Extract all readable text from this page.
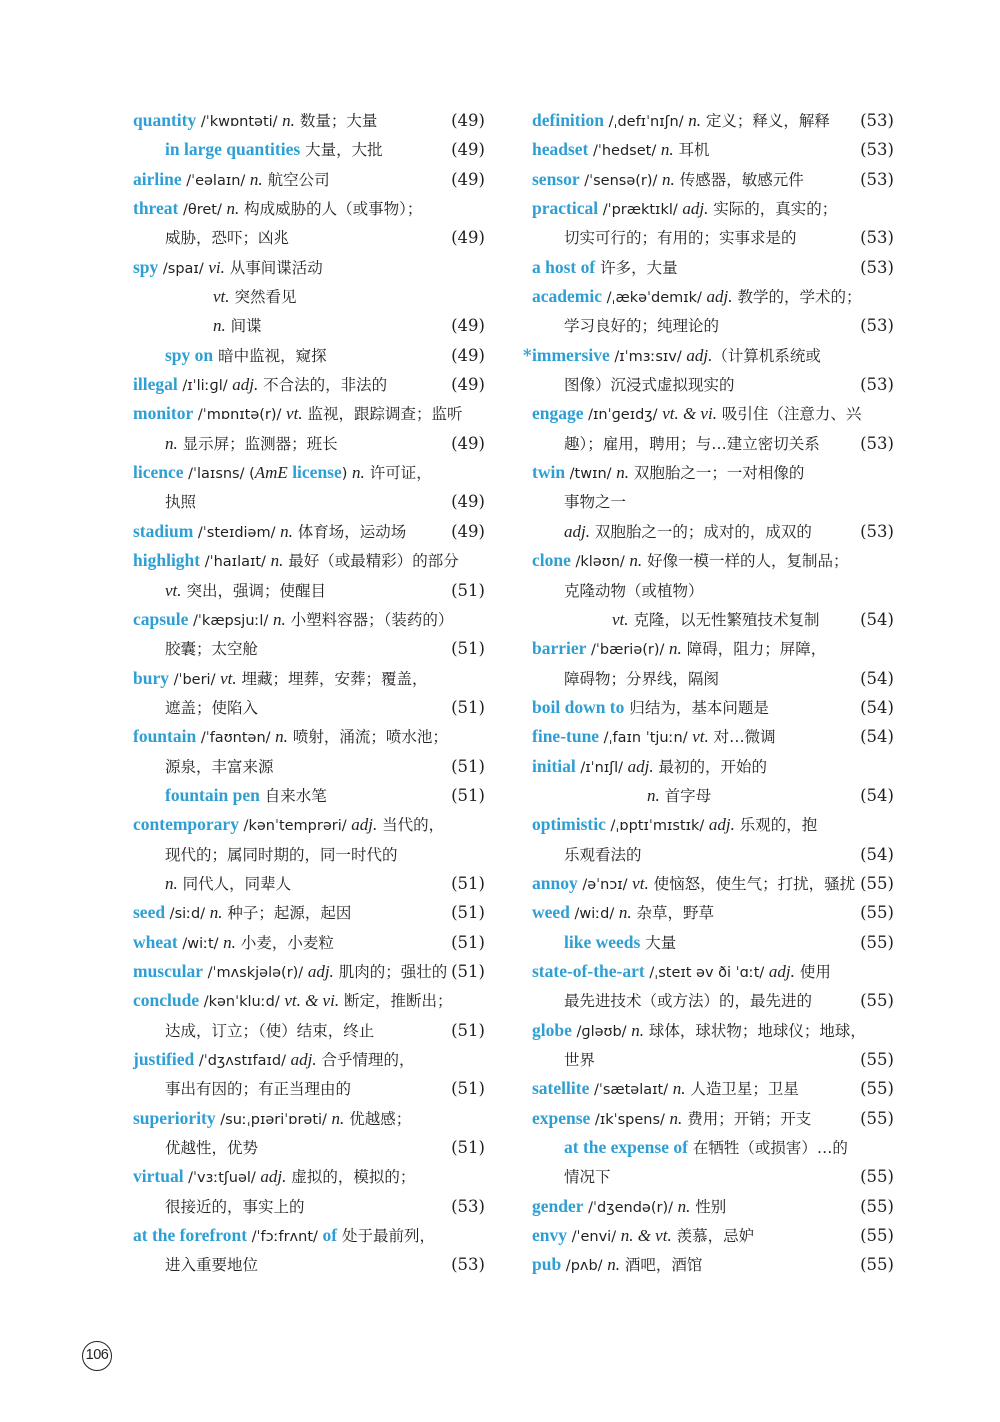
quantity /ˈkwɒntəti/ n. 数量；大量	(49)
in large quantities 大量，大批	(49)
airline /ˈeəlaɪn/ n. 航空公司	(49)
threat /θret/ n. 构成威胁的人（或事物）；
威胁，恐吓；凶兆	(49)
spy /spaɪ/ vi. 从事间谍活动
vt. 突然看见
n. 间谍	(49)
spy on 暗中监视，窥探	(49)
illegal /ɪˈliːɡl/ adj. 不合法的，非法的	(49)
monitor /ˈmɒnɪtə(r)/ vt. 监视，跟踪调查；监听
n. 显示屏；监测器；班长	(49)
licence /ˈlaɪsns/ (AmE license) n. 许可证，
执照	(49)
stadium /ˈsteɪdiəm/ n. 体育场，运动场	(49)
highlight /ˈhaɪlaɪt/ n. 最好（或最精彩）的部分
vt. 突出，强调；使醒目	(51)
capsule /ˈkæpsjuːl/ n. 小塑料容器；（装药的）
胶囊；太空舱	(51)
bury /ˈberi/ vt. 埋藏；埋葬，安葬；覆盖，
遮盖；使陷入	(51)
fountain /ˈfaʊntən/ n. 喷射，涌流；喷水池；
源泉，丰富来源	(51)
fountain pen 自来水笔	(51)
contemporary /kənˈtemprəri/ adj. 当代的，
现代的；属同时期的，同一时代的
n. 同代人，同辈人	(51)
seed /siːd/ n. 种子；起源，起因	(51)
wheat /wiːt/ n. 小麦，小麦粒	(51)
muscular /ˈmʌskjələ(r)/ adj. 肌肉的；强壮的 (51)
conclude /kənˈkluːd/ vt. & vi. 断定，推断出；
达成，订立；（使）结束，终止	(51)
justified /ˈdʒʌstɪfaɪd/ adj. 合乎情理的，
事出有因的；有正当理由的	(51)
superiority /suːˌpɪəriˈɒrəti/ n. 优越感；
优越性，优势	(51)
virtual /ˈvɜːtʃuəl/ adj. 虚拟的，模拟的；
很接近的，事实上的	(53)
at the forefront /ˈfɔːfrʌnt/ of 处于最前列，
进入重要地位	(53)
definition /ˌdefɪˈnɪʃn/ n. 定义；释义，解释 (53)
headset /ˈhedset/ n. 耳机	(53)
sensor /ˈsensə(r)/ n. 传感器，敏感元件	(53)
practical /ˈpræktɪkl/ adj. 实际的，真实的；
切实可行的；有用的；实事求是的	(53)
a host of 许多，大量	(53)
academic /ˌækəˈdemɪk/ adj. 教学的，学术的；
学习良好的；纯理论的	(53)
* immersive /ɪˈmɜːsɪv/ adj.（计算机系统或
图像）沉浸式虚拟现实的	(53)
engage /ɪnˈɡeɪdʒ/ vt. & vi. 吸引住（注意力、兴
趣）；雇用，聘用；与…建立密切关系 (53)
twin /twɪn/ n. 双胞胎之一；一对相像的
事物之一
adj. 双胞胎之一的；成对的，成双的	(53)
clone /kləʊn/ n. 好像一模一样的人，复制品；
克隆动物（或植物）
vt. 克隆，以无性繁殖技术复制 (54)
barrier /ˈbæriə(r)/ n. 障碍，阻力；屏障，
障碍物；分界线，隔阂	(54)
boil down to 归结为，基本问题是	(54)
fine-tune /ˌfaɪn ˈtjuːn/ vt. 对…微调	(54)
initial /ɪˈnɪʃl/ adj. 最初的，开始的
n. 首字母	(54)
optimistic /ˌɒptɪˈmɪstɪk/ adj. 乐观的，抱
乐观看法的	(54)
annoy /əˈnɔɪ/ vt. 使恼怒，使生气；打扰，骚扰 (55)
weed /wiːd/ n. 杂草，野草	(55)
like weeds 大量	(55)
state-of-the-art /ˌsteɪt əv ði ˈɑːt/ adj. 使用
最先进技术（或方法）的，最先进的	(55)
globe /ɡləʊb/ n. 球体，球状物；地球仪；地球，
世界	(55)
satellite /ˈsætəlaɪt/ n. 人造卫星；卫星	(55)
expense /ɪkˈspens/ n. 费用；开销；开支	(55)
at the expense of 在牺牲（或损害）…的
情况下	(55)
gender /ˈdʒendə(r)/ n. 性别	(55)
envy /ˈenvi/ n. & vt. 羡慕，忌妒	(55)
pub /pʌb/ n. 酒吧，酒馆	(55)
106
